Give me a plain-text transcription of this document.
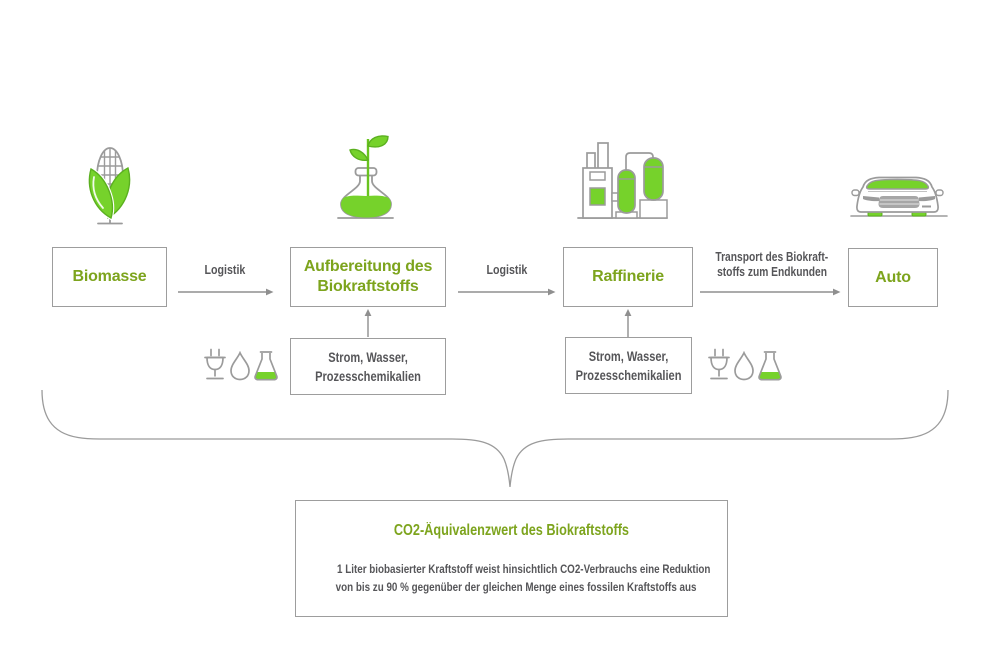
Biomasse
Aufbereitung des Biokraftstoffs
Raffinerie	Auto
Logistik	Logistik
Transport des Biokraft-
stoffs zum Endkunden
Strom, Wasser, Prozesschemikalien
Strom, Wasser, Prozesschemikalien
CO2-Äquivalenzwert des Biokraftstoffs
1 Liter biobasierter Kraftstoff weist hinsichtlich CO2-Verbrauchs eine Reduktion
von bis zu 90 % gegenüber der gleichen Menge eines fossilen Kraftstoffs aus
